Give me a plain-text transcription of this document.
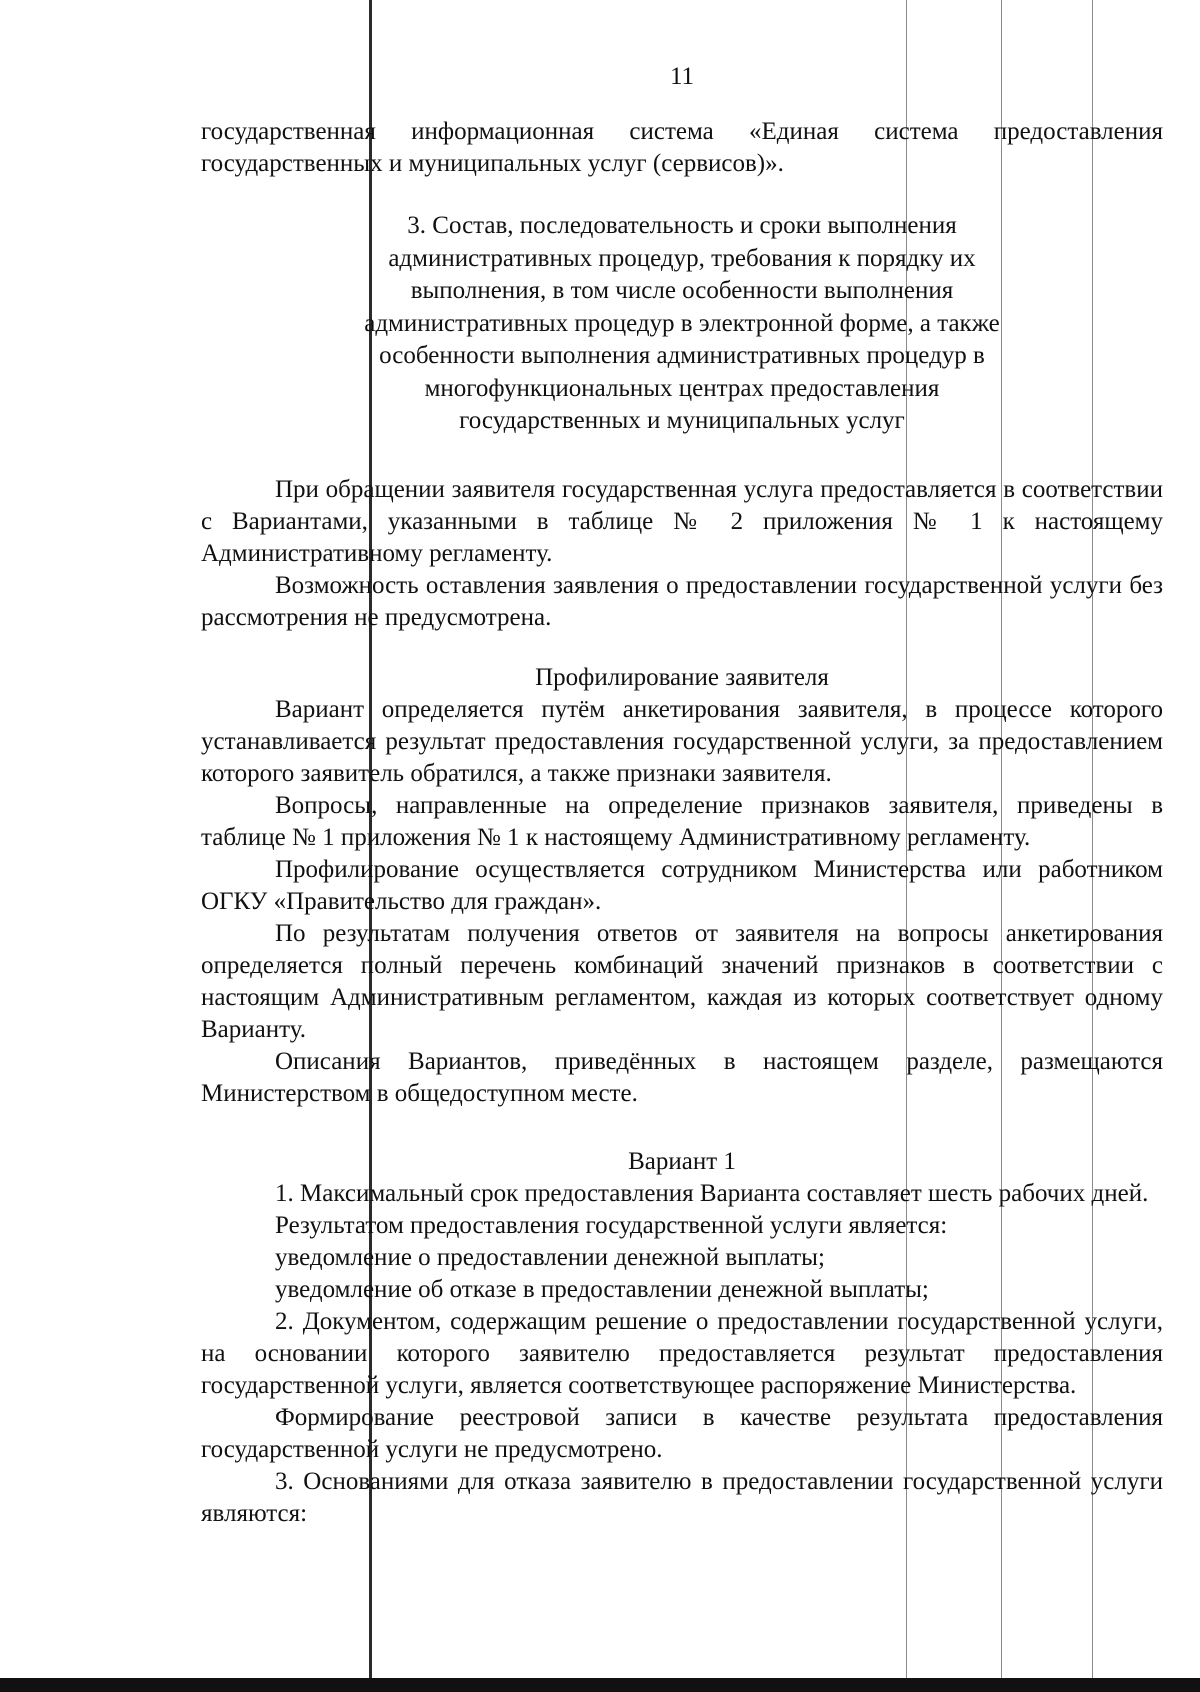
11

государственная информационная система «Единая система предоставления государственных и муниципальных услуг (сервисов)».

3. Состав, последовательность и сроки выполнения административных процедур, требования к порядку их выполнения, в том числе особенности выполнения административных процедур в электронной форме, а также особенности выполнения административных процедур в многофункциональных центрах предоставления государственных и муниципальных услуг

При обращении заявителя государственная услуга предоставляется в соответствии с Вариантами, указанными в таблице № 2 приложения № 1 к настоящему Административному регламенту.

Возможность оставления заявления о предоставлении государственной услуги без рассмотрения не предусмотрена.

Профилирование заявителя

Вариант определяется путём анкетирования заявителя, в процессе которого устанавливается результат предоставления государственной услуги, за предоставлением которого заявитель обратился, а также признаки заявителя.

Вопросы, направленные на определение признаков заявителя, приведены в таблице № 1 приложения № 1 к настоящему Административному регламенту.

Профилирование осуществляется сотрудником Министерства или работником ОГКУ «Правительство для граждан».

По результатам получения ответов от заявителя на вопросы анкетирования определяется полный перечень комбинаций значений признаков в соответствии с настоящим Административным регламентом, каждая из которых соответствует одному Варианту.

Описания Вариантов, приведённых в настоящем разделе, размещаются Министерством в общедоступном месте.

Вариант 1

1. Максимальный срок предоставления Варианта составляет шесть рабочих дней.

Результатом предоставления государственной услуги является:

уведомление о предоставлении денежной выплаты;

уведомление об отказе в предоставлении денежной выплаты;

2. Документом, содержащим решение о предоставлении государственной услуги, на основании которого заявителю предоставляется результат предоставления государственной услуги, является соответствующее распоряжение Министерства.

Формирование реестровой записи в качестве результата предоставления государственной услуги не предусмотрено.

3. Основаниями для отказа заявителю в предоставлении государственной услуги являются:
